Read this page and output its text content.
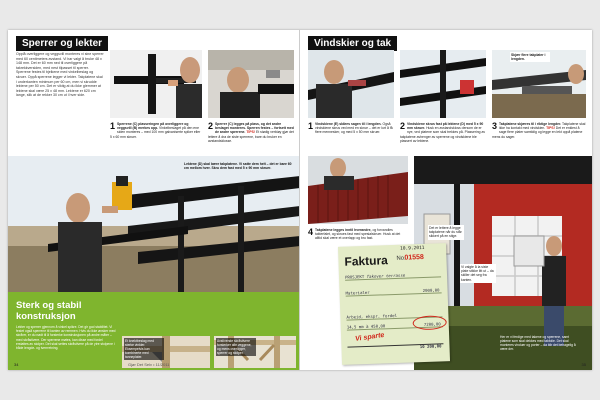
Sperrer og lekter
Opplå overliggere og veggsvill monteres vi sine sperrer med 60 centimeters avstand. Vi har valgt å bruke 48 x 148 mm. Det er 60 mm ned til overliggere på takrekkversiden, med nest tilpasset til sperrer. Sperrene festes til bjelkene med vinkelbeslag og skruer. Oppå sperrene legger vi lekter. Takplatene skal i underkanten minimum per 60 cm, men vi skrudde lektene per 50 cm. Det er viktig at du ikke glemmer at lektene skal være 25 x 48 mm. Lektene er 620 cm lange, slik at de rekker 30 cm ut i hver side.
1 Sperrene (C) plasseringen på overliggere og veggsvill (B) merkes opp. Vinkelbeslaget på den ene siden monteres – med 100 mm galvaniserte spiker eller 5 x 60 mm skruer.
2 Sperrer (C) legges på plass, og det andre beslaget monteres. Sperren festes – fortsett med de andre sperrene. TIPS! Et stødig verktøy gjør det lettere å dra de siste sperrene, bare du bruker en avstandsklosse.
Lektene (D) skal bære takplatene. Vi satte dem helt – det er bare 60 cm mellom hver. Skru dem fast med 5 x 90 mm skruer.
Sterk og stabil konstruksjon
Lekter og sperrer gjennom å vinkel spikre. Det gir god stabilitet. Vi festet også sperrene til kanten av remmen. Hvis du ikke ønsker med skrårer, er du nødt til å forsterke konstruksjonen på andre måter – med skråstivere. Der sperrene møtes, kan disse med fordel erstattes av stolper. Det skal settes skråstivere på de ytre stolpene i både lengde- og tverrretning.
Et knektbeslag med sterke vinkler. Eksempelvis kan kombinerte med tanneplater.
Avstivende skråstivere forsterker alle veggene, og mens overligger, sperrer og stolper.
34	Gjør Det Selv • 11/2011
Vindskier og tak
Skjær flere takplater i lengden.
1 Vindskiene (E) skåres sagen til i lengden. Også vindskiene skrus ved med en skrue – det er lurt å få flere mennesker, og med 5 x 50 mm skruer.
2 Vindskiene skrus fast på lektene (D) med 5 x 90 mm skruer. Husk en avstandskloss dersom de er nye, ved platene som skal trekkes på. Plassering av takplatene avhenger av sperrene og vindskiene ble plassert av lektene.
3 Takplatene skjæres til i riktige lengder. Takplatene skal ikke ha kontakt med vindskien. TIPS! Det er enklest å sage flere plater samtidig og legge en lekt oppå platene mens du sager.
4 Takplatene legges inntil hverandre, og forvandles takterfalet, og skrues fast med spesialskruer. Husk at det alltid skal være et overlapp og bru fast.
Det er lettere å legge takplatene når du står sikkert på en stige.
Vi valgte å la siste plate stikke litt ut – da skiller det seg fra kanten.
Her er vi ferdige med takene og sperrene, samt platene som skal dekkes med takfolie. Det skal monteres vinduer og porter – da blir det behagelig å være der.
10.9.2011
Faktura No.
01558
PROSJEKT Takover terrasse
Materialer	2000,00
Arbeid, ekspr. fordel
14,5 mm à 450,00	7200,00
Vi sparte
10 200,00
35
